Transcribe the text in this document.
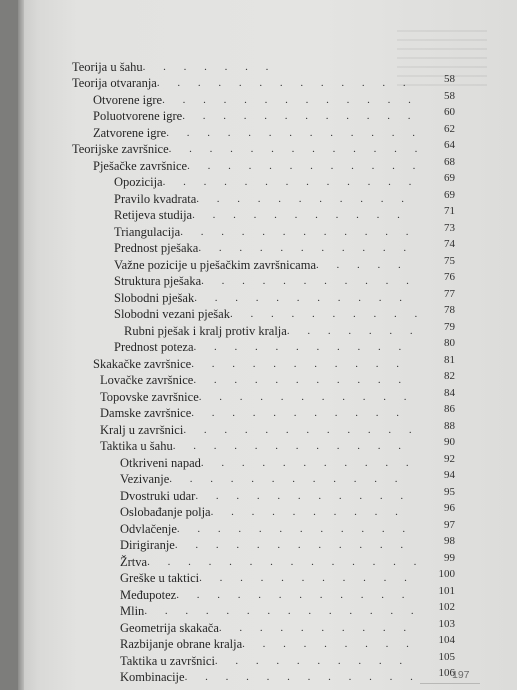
Teorija u šahu. . . . . . .
Teorija otvaranja. . . . . . . . . . . . .	58
Otvorene igre. . . . . . . . . . . . .	58
Poluotvorene igre. . . . . . . . . . . .	60
Zatvorene igre. . . . . . . . . . . . .	62
Teorijske završnice. . . . . . . . . . . . .	64
Pješačke završnice. . . . . . . . . . . .	68
Opozicija. . . . . . . . . . . . .	69
Pravilo kvadrata. . . . . . . . . . .	69
Retijeva studija. . . . . . . . . . .	71
Triangulacija. . . . . . . . . . . .	73
Prednost pješaka. . . . . . . . . . .	74
Važne pozicije u pješačkim završnicama. . . . .	75
Struktura pješaka. . . . . . . . . . .	76
Slobodni pješak. . . . . . . . . . .	77
Slobodni vezani pješak. . . . . . . . . .	78
Rubni pješak i kralj protiv kralja. . . . . . .	79
Prednost poteza. . . . . . . . . . .	80
Skakačke završnice. . . . . . . . . . .	81
Lovačke završnice. . . . . . . . . . .	82
Topovske završnice. . . . . . . . . . .	84
Damske završnice. . . . . . . . . . .	86
Kralj u završnici. . . . . . . . . . . .	88
Taktika u šahu. . . . . . . . . . . .	90
Otkriveni napad. . . . . . . . . . .	92
Vezivanje. . . . . . . . . . . .	94
Dvostruki udar. . . . . . . . . . .	95
Oslobađanje polja. . . . . . . . . .	96
Odvlačenje. . . . . . . . . . . .	97
Dirigiranje. . . . . . . . . . . .	98
Žrtva. . . . . . . . . . . . . .	99
Greške u taktici. . . . . . . . . . .	100
Međupotez. . . . . . . . . . . .	101
Mlin. . . . . . . . . . . . . .	102
Geometrija skakača. . . . . . . . . .	103
Razbijanje obrane kralja. . . . . . . . .	104
Taktika u završnici. . . . . . . . . .	105
Kombinacije. . . . . . . . . . . .	106
197
